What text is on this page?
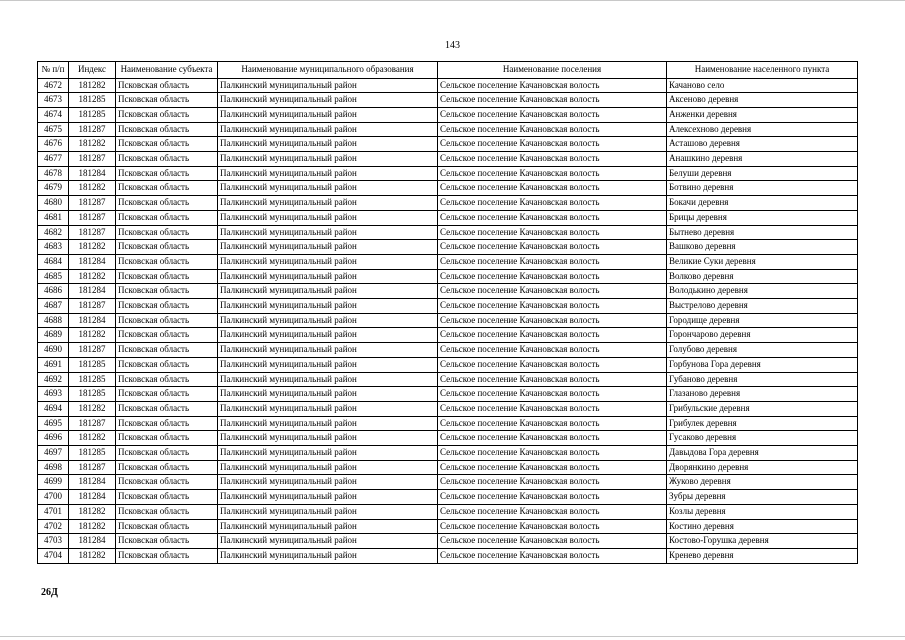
143
№ п/п	Индекс	Наименование субъекта	Наименование муниципального образования	Наименование поселения	Наименование населенного пункта
4672	181282	Псковская область	Палкинский муниципальный район	Сельское поселение Качановская волость	Качаново село
4673	181285	Псковская область	Палкинский муниципальный район	Сельское поселение Качановская волость	Аксеново деревня
4674	181285	Псковская область	Палкинский муниципальный район	Сельское поселение Качановская волость	Анженки деревня
4675	181287	Псковская область	Палкинский муниципальный район	Сельское поселение Качановская волость	Алексехново деревня
4676	181282	Псковская область	Палкинский муниципальный район	Сельское поселение Качановская волость	Асташово деревня
4677	181287	Псковская область	Палкинский муниципальный район	Сельское поселение Качановская волость	Анашкино деревня
4678	181284	Псковская область	Палкинский муниципальный район	Сельское поселение Качановская волость	Белуши деревня
4679	181282	Псковская область	Палкинский муниципальный район	Сельское поселение Качановская волость	Ботвино деревня
4680	181287	Псковская область	Палкинский муниципальный район	Сельское поселение Качановская волость	Бокачи деревня
4681	181287	Псковская область	Палкинский муниципальный район	Сельское поселение Качановская волость	Брицы деревня
4682	181287	Псковская область	Палкинский муниципальный район	Сельское поселение Качановская волость	Бытнево деревня
4683	181282	Псковская область	Палкинский муниципальный район	Сельское поселение Качановская волость	Вашково деревня
4684	181284	Псковская область	Палкинский муниципальный район	Сельское поселение Качановская волость	Великие Суки деревня
4685	181282	Псковская область	Палкинский муниципальный район	Сельское поселение Качановская волость	Волково деревня
4686	181284	Псковская область	Палкинский муниципальный район	Сельское поселение Качановская волость	Володькино деревня
4687	181287	Псковская область	Палкинский муниципальный район	Сельское поселение Качановская волость	Выстрелово деревня
4688	181284	Псковская область	Палкинский муниципальный район	Сельское поселение Качановская волость	Городище деревня
4689	181282	Псковская область	Палкинский муниципальный район	Сельское поселение Качановская волость	Горончарово деревня
4690	181287	Псковская область	Палкинский муниципальный район	Сельское поселение Качановская волость	Голубово деревня
4691	181285	Псковская область	Палкинский муниципальный район	Сельское поселение Качановская волость	Горбунова Гора деревня
4692	181285	Псковская область	Палкинский муниципальный район	Сельское поселение Качановская волость	Губаново деревня
4693	181285	Псковская область	Палкинский муниципальный район	Сельское поселение Качановская волость	Глазаново деревня
4694	181282	Псковская область	Палкинский муниципальный район	Сельское поселение Качановская волость	Грибульские деревня
4695	181287	Псковская область	Палкинский муниципальный район	Сельское поселение Качановская волость	Грибулек деревня
4696	181282	Псковская область	Палкинский муниципальный район	Сельское поселение Качановская волость	Гусаково деревня
4697	181285	Псковская область	Палкинский муниципальный район	Сельское поселение Качановская волость	Давыдова Гора деревня
4698	181287	Псковская область	Палкинский муниципальный район	Сельское поселение Качановская волость	Дворянкино деревня
4699	181284	Псковская область	Палкинский муниципальный район	Сельское поселение Качановская волость	Жуково деревня
4700	181284	Псковская область	Палкинский муниципальный район	Сельское поселение Качановская волость	Зубры деревня
4701	181282	Псковская область	Палкинский муниципальный район	Сельское поселение Качановская волость	Козлы деревня
4702	181282	Псковская область	Палкинский муниципальный район	Сельское поселение Качановская волость	Костино деревня
4703	181284	Псковская область	Палкинский муниципальный район	Сельское поселение Качановская волость	Костово-Горушка деревня
4704	181282	Псковская область	Палкинский муниципальный район	Сельское поселение Качановская волость	Кренево деревня
26Д
